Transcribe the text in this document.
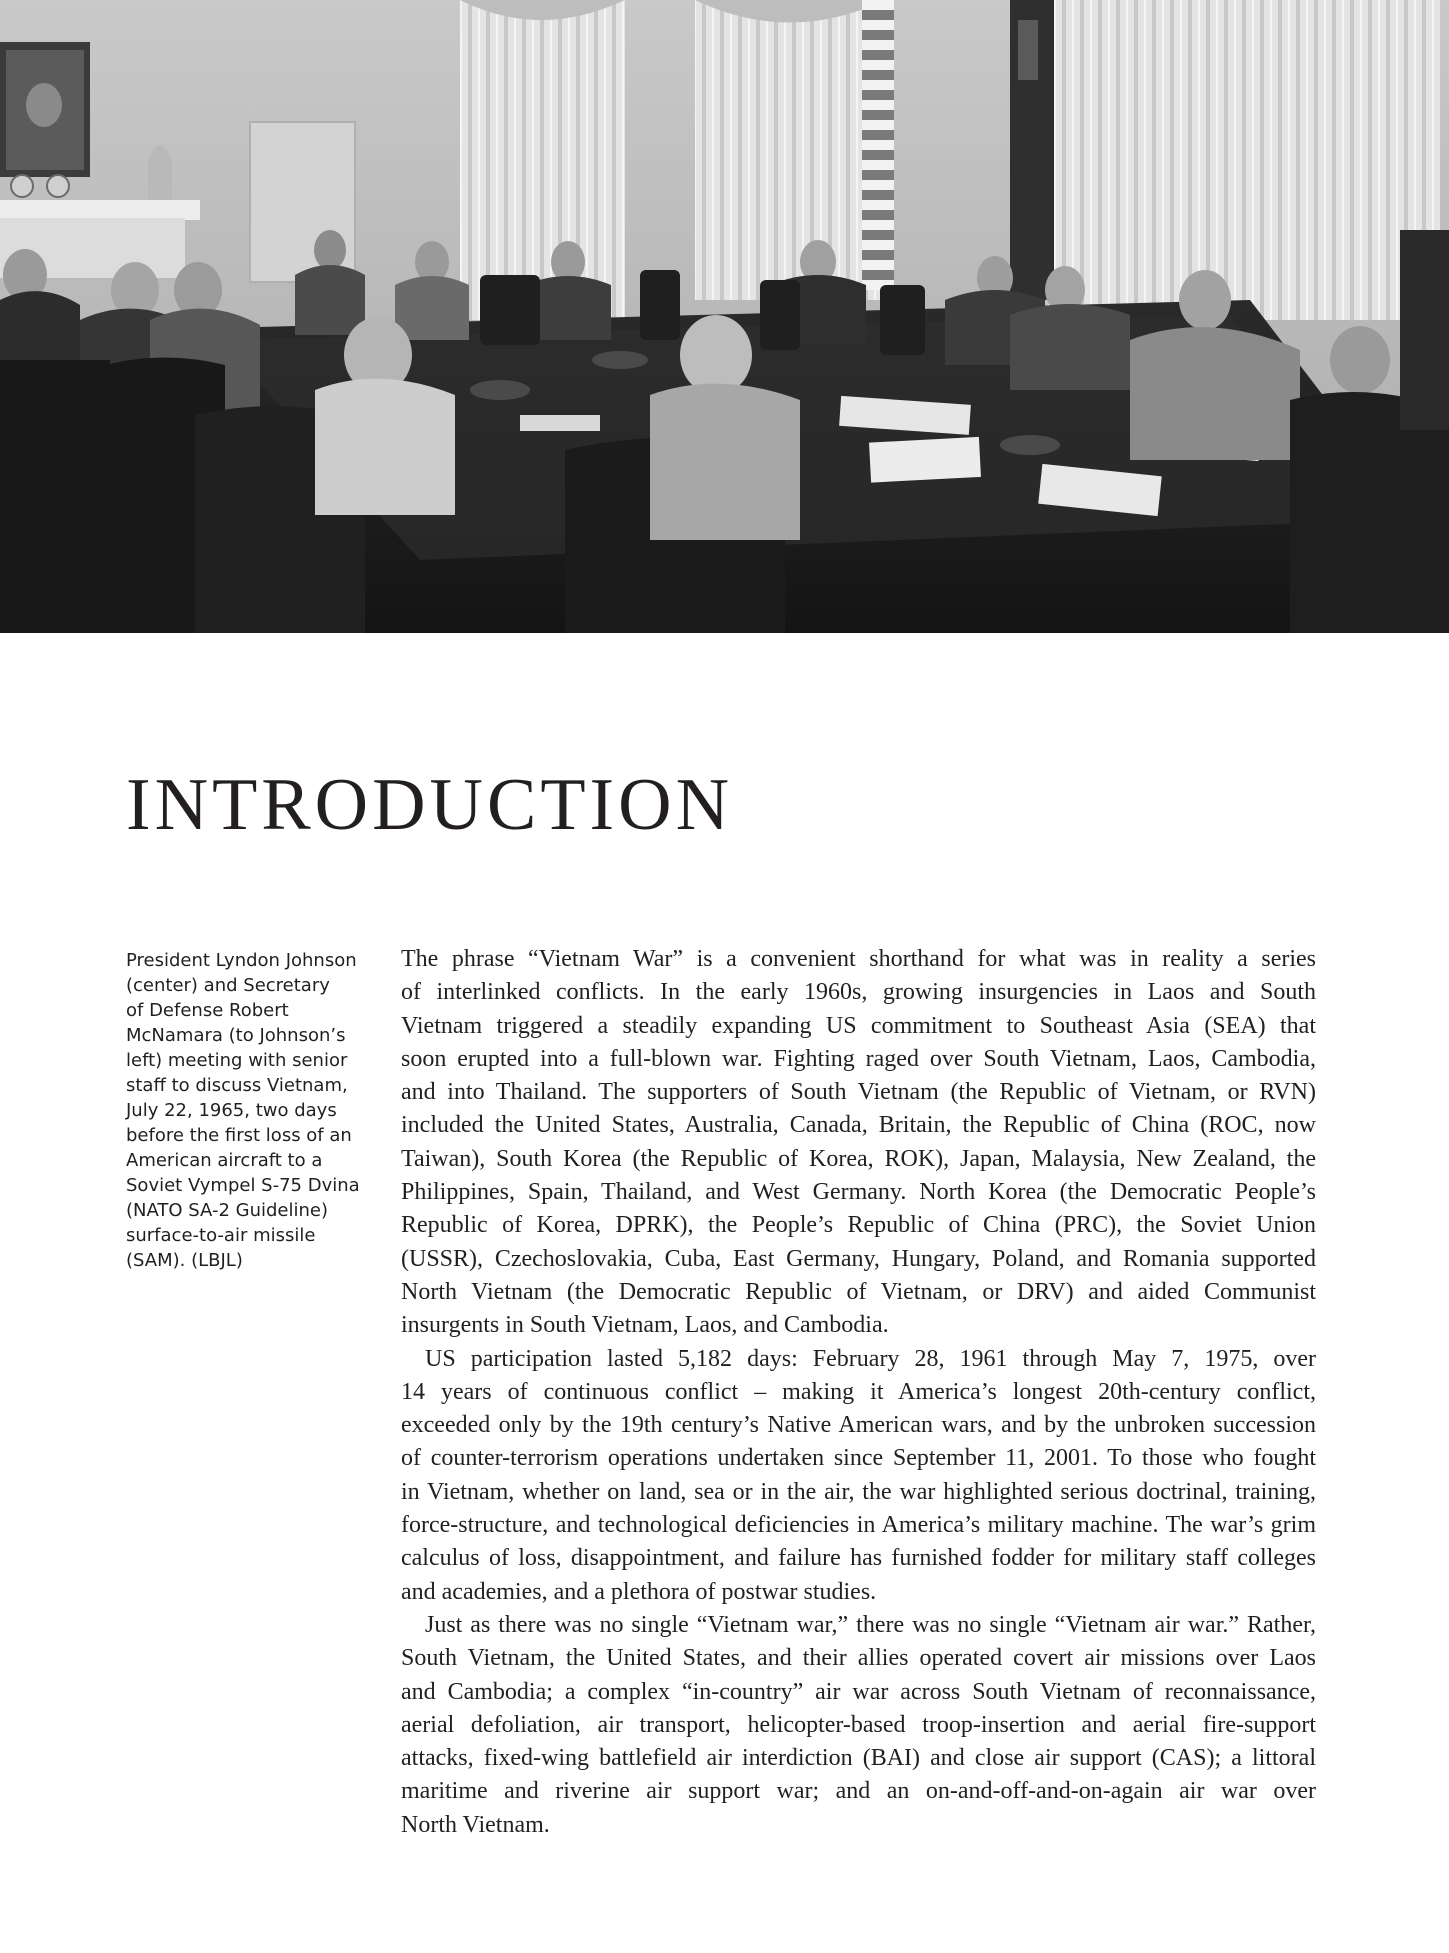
INTRODUCTION
President Lyndon Johnson
(center) and Secretary
of Defense Robert
McNamara (to Johnson’s
left) meeting with senior
staff to discuss Vietnam,
July 22, 1965, two days
before the first loss of an
American aircraft to a
Soviet Vympel S-75 Dvina
(NATO SA-2 Guideline)
surface-to-air missile
(SAM). (LBJL)
The phrase “Vietnam War” is a convenient shorthand for what was in reality a series
of interlinked conflicts. In the early 1960s, growing insurgencies in Laos and South
Vietnam triggered a steadily expanding US commitment to Southeast Asia (SEA) that
soon erupted into a full-blown war. Fighting raged over South Vietnam, Laos, Cambodia,
and into Thailand. The supporters of South Vietnam (the Republic of Vietnam, or RVN)
included the United States, Australia, Canada, Britain, the Republic of China (ROC, now
Taiwan), South Korea (the Republic of Korea, ROK), Japan, Malaysia, New Zealand, the
Philippines, Spain, Thailand, and West Germany. North Korea (the Democratic People’s
Republic of Korea, DPRK), the People’s Republic of China (PRC), the Soviet Union
(USSR), Czechoslovakia, Cuba, East Germany, Hungary, Poland, and Romania supported
North Vietnam (the Democratic Republic of Vietnam, or DRV) and aided Communist
insurgents in South Vietnam, Laos, and Cambodia.
US participation lasted 5,182 days: February 28, 1961 through May 7, 1975, over
14 years of continuous conflict – making it America’s longest 20th-century conflict,
exceeded only by the 19th century’s Native American wars, and by the unbroken succession
of counter-terrorism operations undertaken since September 11, 2001. To those who fought
in Vietnam, whether on land, sea or in the air, the war highlighted serious doctrinal, training,
force-structure, and technological deficiencies in America’s military machine. The war’s grim
calculus of loss, disappointment, and failure has furnished fodder for military staff colleges
and academies, and a plethora of postwar studies.
Just as there was no single “Vietnam war,” there was no single “Vietnam air war.” Rather,
South Vietnam, the United States, and their allies operated covert air missions over Laos
and Cambodia; a complex “in-country” air war across South Vietnam of reconnaissance,
aerial defoliation, air transport, helicopter-based troop-insertion and aerial fire-support
attacks, fixed-wing battlefield air interdiction (BAI) and close air support (CAS); a littoral
maritime and riverine air support war; and an on-and-off-and-on-again air war over
North Vietnam.
